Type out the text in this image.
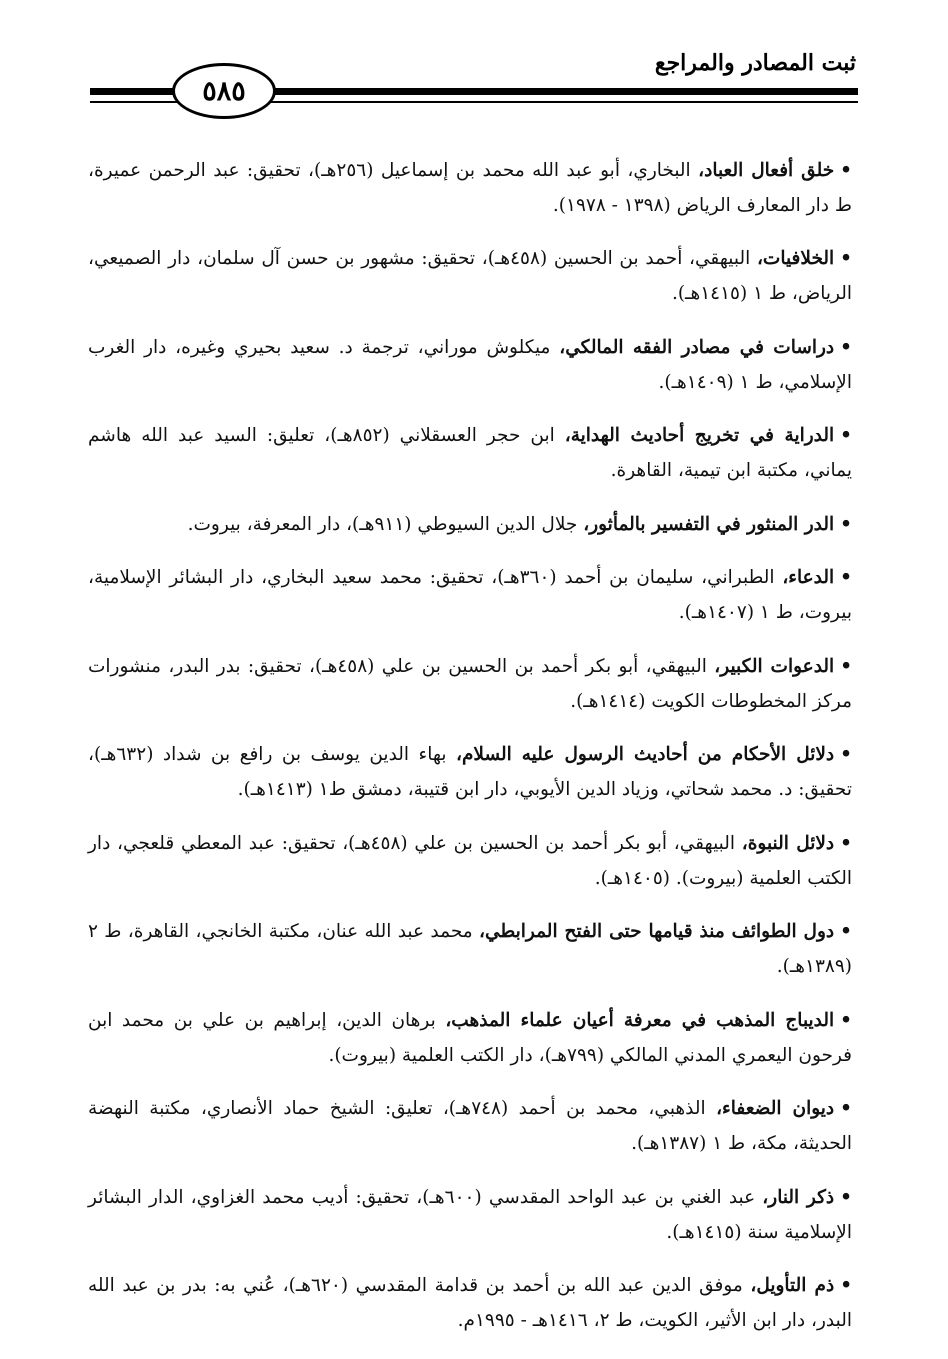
ثبت المصادر والمراجع
٥٨٥

•خلق أفعال العباد، البخاري، أبو عبد الله محمد بن إسماعيل (٢٥٦هـ)، تحقيق: عبد الرحمن عميرة، ط دار المعارف الرياض (١٣٩٨ - ١٩٧٨).

•الخلافيات، البيهقي، أحمد بن الحسين (٤٥٨هـ)، تحقيق: مشهور بن حسن آل سلمان، دار الصميعي، الرياض، ط ١ (١٤١٥هـ).

•دراسات في مصادر الفقه المالكي، ميكلوش موراني، ترجمة د. سعيد بحيري وغيره، دار الغرب الإسلامي، ط ١ (١٤٠٩هـ).

•الدراية في تخريج أحاديث الهداية، ابن حجر العسقلاني (٨٥٢هـ)، تعليق: السيد عبد الله هاشم يماني، مكتبة ابن تيمية، القاهرة.

•الدر المنثور في التفسير بالمأثور، جلال الدين السيوطي (٩١١هـ)، دار المعرفة، بيروت.

•الدعاء، الطبراني، سليمان بن أحمد (٣٦٠هـ)، تحقيق: محمد سعيد البخاري، دار البشائر الإسلامية، بيروت، ط ١ (١٤٠٧هـ).

•الدعوات الكبير، البيهقي، أبو بكر أحمد بن الحسين بن علي (٤٥٨هـ)، تحقيق: بدر البدر، منشورات مركز المخطوطات الكويت (١٤١٤هـ).

•دلائل الأحكام من أحاديث الرسول عليه السلام، بهاء الدين يوسف بن رافع بن شداد (٦٣٢هـ)، تحقيق: د. محمد شحاتي، وزياد الدين الأيوبي، دار ابن قتيبة، دمشق ط١ (١٤١٣هـ).

•دلائل النبوة، البيهقي، أبو بكر أحمد بن الحسين بن علي (٤٥٨هـ)، تحقيق: عبد المعطي قلعجي، دار الكتب العلمية (بيروت). (١٤٠٥هـ).

•دول الطوائف منذ قيامها حتى الفتح المرابطي، محمد عبد الله عنان، مكتبة الخانجي، القاهرة، ط ٢ (١٣٨٩هـ).

•الديباج المذهب في معرفة أعيان علماء المذهب، برهان الدين، إبراهيم بن علي بن محمد ابن فرحون اليعمري المدني المالكي (٧٩٩هـ)، دار الكتب العلمية (بيروت).

•ديوان الضعفاء، الذهبي، محمد بن أحمد (٧٤٨هـ)، تعليق: الشيخ حماد الأنصاري، مكتبة النهضة الحديثة، مكة، ط ١ (١٣٨٧هـ).

•ذكر النار، عبد الغني بن عبد الواحد المقدسي (٦٠٠هـ)، تحقيق: أديب محمد الغزاوي، الدار البشائر الإسلامية سنة (١٤١٥هـ).

•ذم التأويل، موفق الدين عبد الله بن أحمد بن قدامة المقدسي (٦٢٠هـ)، عُني به: بدر بن عبد الله البدر، دار ابن الأثير، الكويت، ط ٢، ١٤١٦هـ - ١٩٩٥م.
